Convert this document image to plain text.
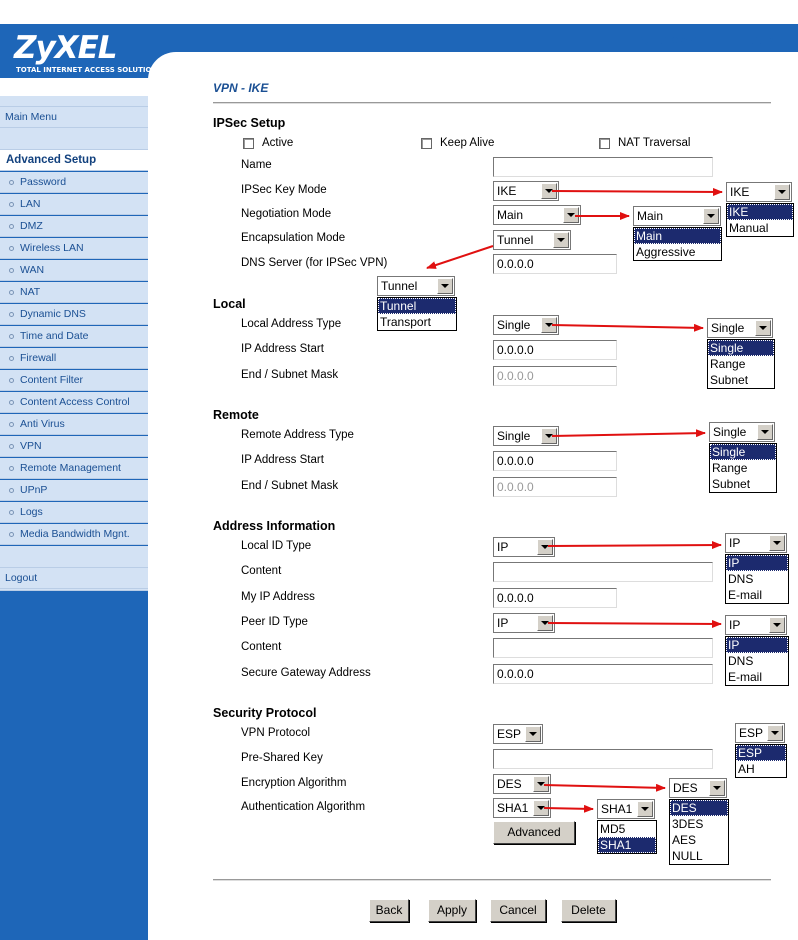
ZyXEL
TOTAL INTERNET ACCESS SOLUTION
SITE MAP	HELP
Main Menu
Advanced Setup
Logout
VPN - IKE
IPSec Setup
Active	Keep Alive	NAT Traversal
Name
IPSec Key Mode	IKE	IKE
IKE
Manual
Negotiation Mode	Main	Main
Main
Aggressive
Encapsulation Mode	Tunnel
Tunnel
Tunnel
Transport
DNS Server (for IPSec VPN)	0.0.0.0
Local
Local Address Type	Single	Single
Single
Range
Subnet
IP Address Start	0.0.0.0
End / Subnet Mask	0.0.0.0
Remote
Remote Address Type	Single	Single
Single
Range
Subnet
IP Address Start	0.0.0.0
End / Subnet Mask	0.0.0.0
Address Information
Local ID Type	IP	IP
IP
DNS
E-mail
Content
My IP Address	0.0.0.0
Peer ID Type	IP	IP
IP
DNS
E-mail
Content
Secure Gateway Address	0.0.0.0
Security Protocol
VPN Protocol	ESP	ESP
ESP
AH
Pre-Shared Key
Encryption Algorithm	DES	DES
DES
3DES
AES
NULL
Authentication Algorithm	SHA1	SHA1
MD5
SHA1
Advanced
Back	Apply	Cancel	Delete
Password
LAN
DMZ
Wireless LAN
WAN
NAT
Dynamic DNS
Time and Date
Firewall
Content Filter
Content Access Control
Anti Virus
VPN
Remote Management
UPnP
Logs
Media Bandwidth Mgnt.
